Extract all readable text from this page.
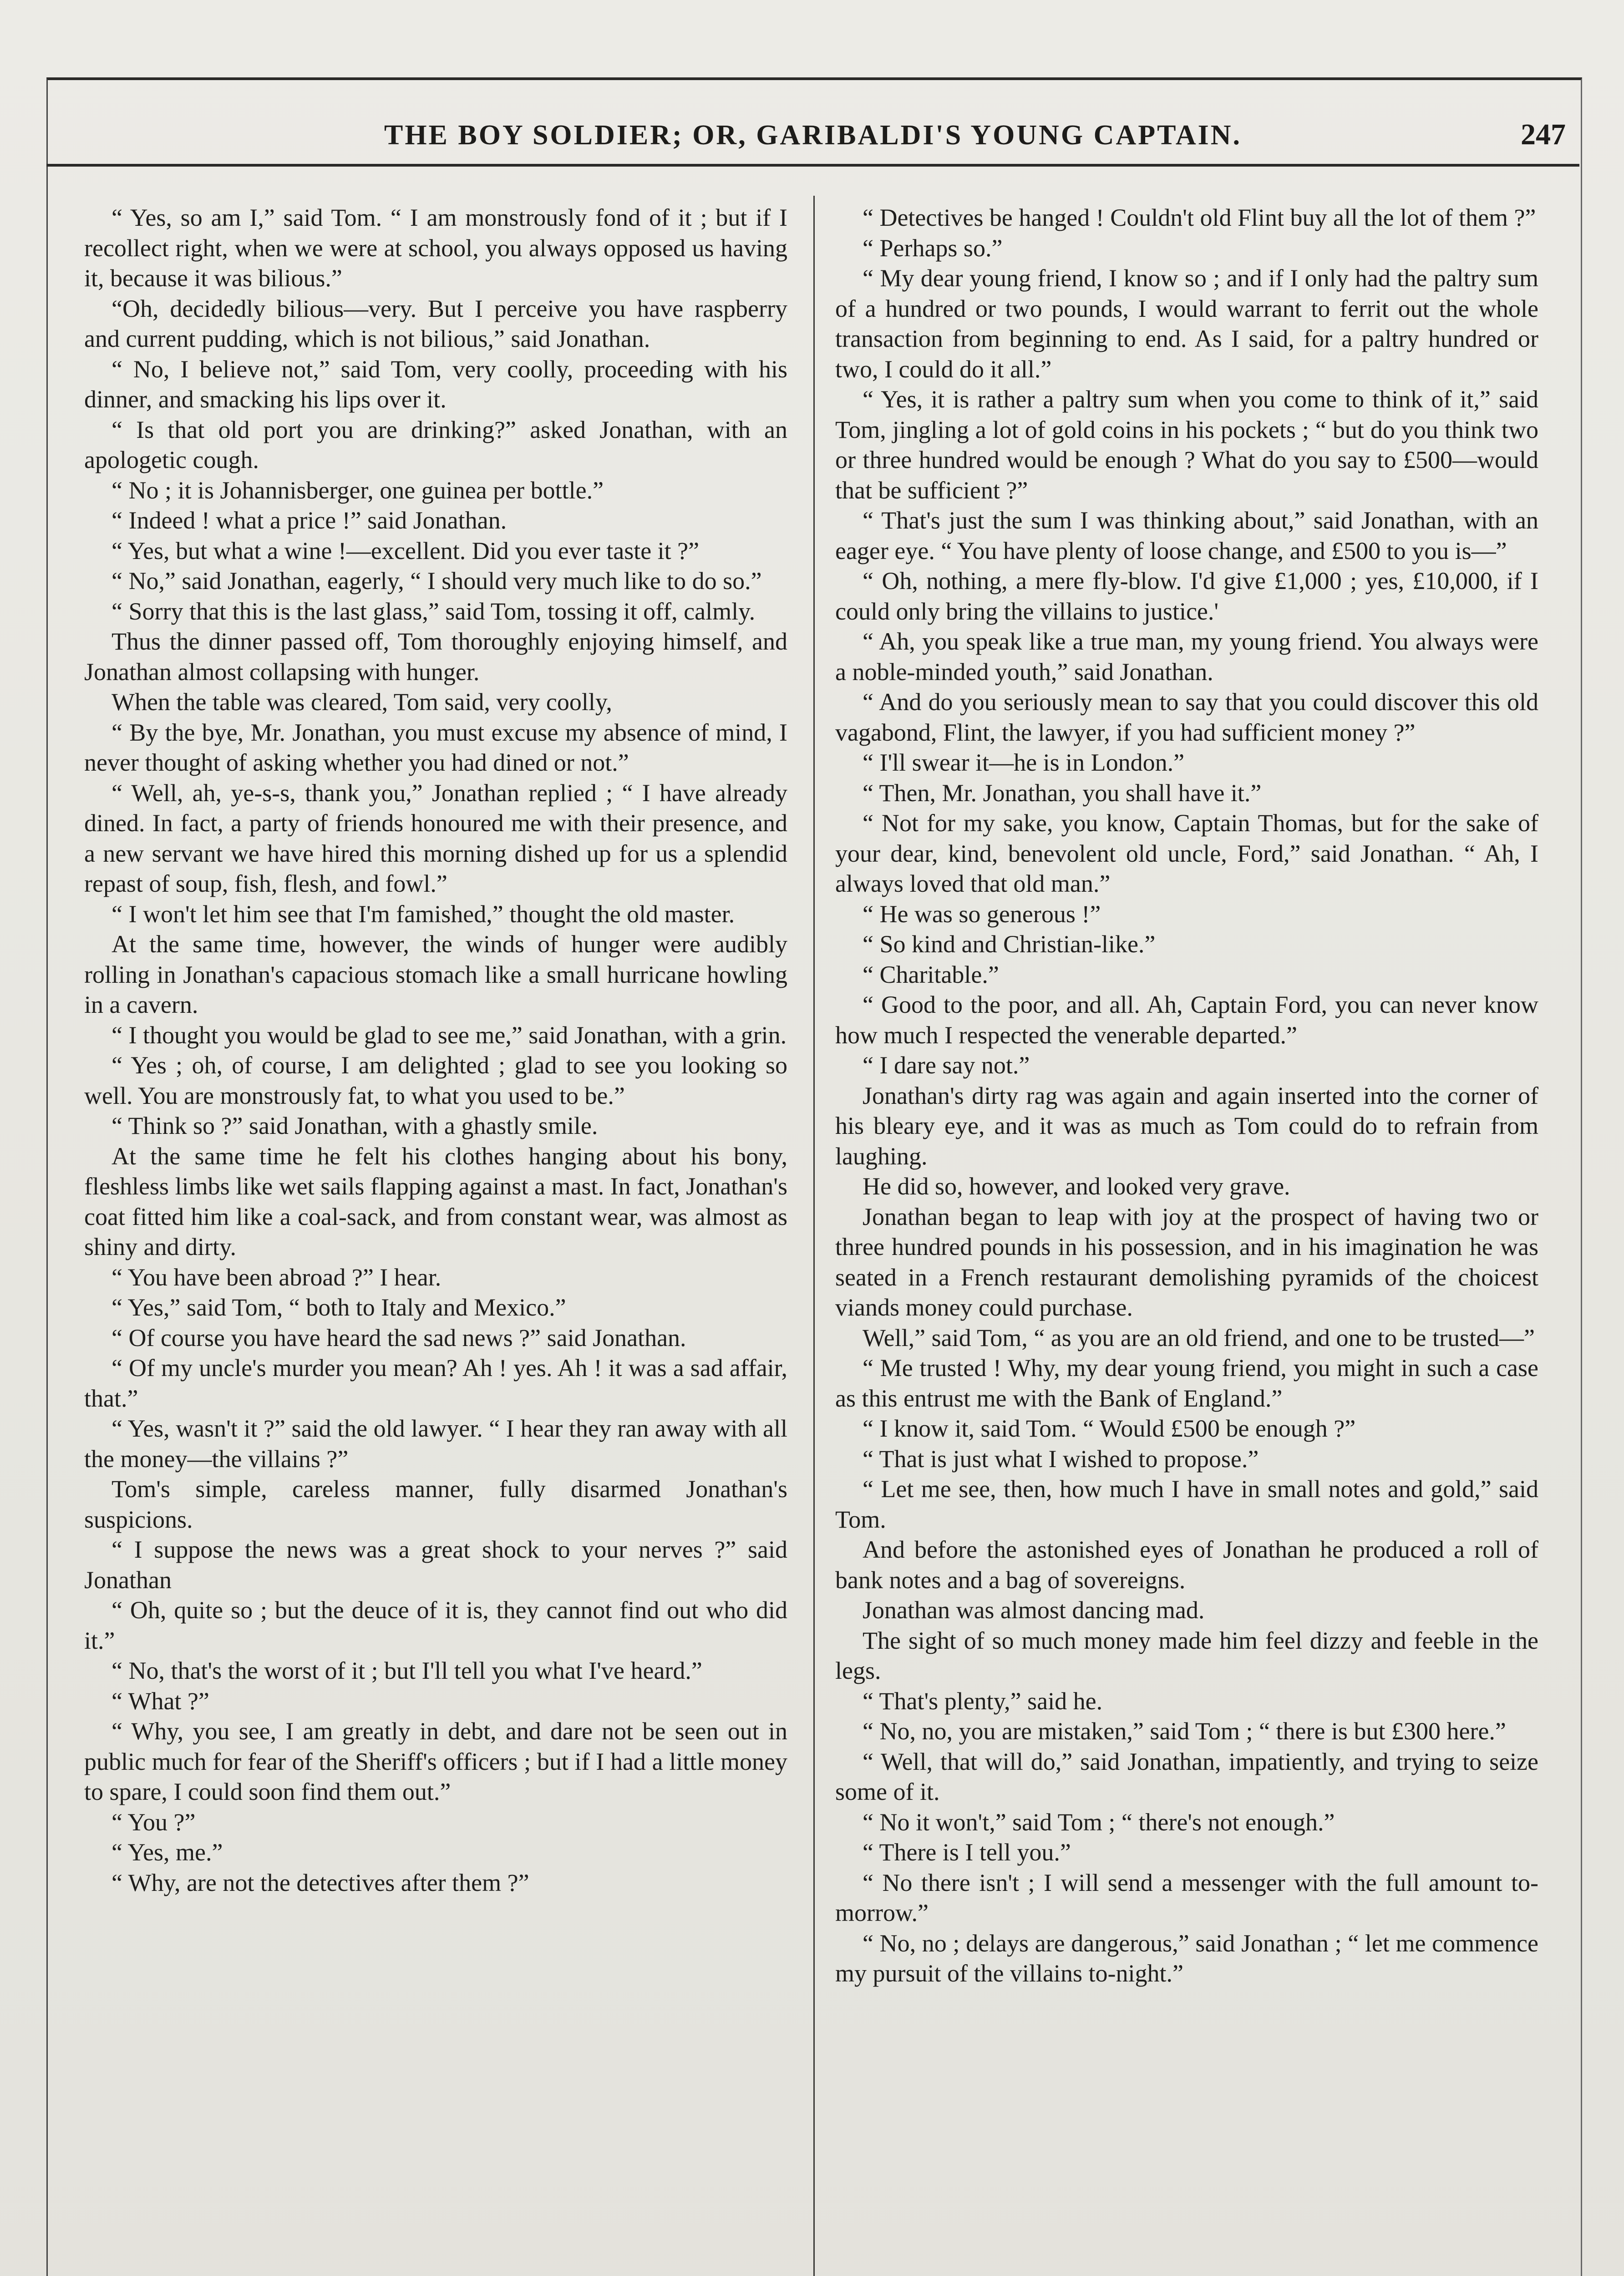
THE BOY SOLDIER; OR, GARIBALDI'S YOUNG CAPTAIN.	247

“ Yes, so am I,” said Tom. “ I am monstrously fond of it ; but if I recollect right, when we were at school, you always opposed us having it, because it was bilious.”

“Oh, decidedly bilious—very. But I perceive you have raspberry and current pudding, which is not bilious,” said Jonathan.

“ No, I believe not,” said Tom, very coolly, proceeding with his dinner, and smacking his lips over it.

“ Is that old port you are drinking?” asked Jonathan, with an apologetic cough.

“ No ; it is Johannisberger, one guinea per bottle.”

“ Indeed ! what a price !” said Jonathan.

“ Yes, but what a wine !—excellent. Did you ever taste it ?”

“ No,” said Jonathan, eagerly, “ I should very much like to do so.”

“ Sorry that this is the last glass,” said Tom, tossing it off, calmly.

Thus the dinner passed off, Tom thoroughly enjoying himself, and Jonathan almost collapsing with hunger.

When the table was cleared, Tom said, very coolly,

“ By the bye, Mr. Jonathan, you must excuse my absence of mind, I never thought of asking whether you had dined or not.”

“ Well, ah, ye-s-s, thank you,” Jonathan replied ; “ I have already dined. In fact, a party of friends honoured me with their presence, and a new servant we have hired this morning dished up for us a splendid repast of soup, fish, flesh, and fowl.”

“ I won't let him see that I'm famished,” thought the old master.

At the same time, however, the winds of hunger were audibly rolling in Jonathan's capacious stomach like a small hurricane howling in a cavern.

“ I thought you would be glad to see me,” said Jonathan, with a grin.

“ Yes ; oh, of course, I am delighted ; glad to see you looking so well. You are monstrously fat, to what you used to be.”

“ Think so ?” said Jonathan, with a ghastly smile.

At the same time he felt his clothes hanging about his bony, fleshless limbs like wet sails flapping against a mast. In fact, Jonathan's coat fitted him like a coal-sack, and from constant wear, was almost as shiny and dirty.

“ You have been abroad ?” I hear.

“ Yes,” said Tom, “ both to Italy and Mexico.”

“ Of course you have heard the sad news ?” said Jonathan.

“ Of my uncle's murder you mean? Ah ! yes. Ah ! it was a sad affair, that.”

“ Yes, wasn't it ?” said the old lawyer. “ I hear they ran away with all the money—the villains ?”

Tom's simple, careless manner, fully disarmed Jonathan's suspicions.

“ I suppose the news was a great shock to your nerves ?” said Jonathan

“ Oh, quite so ; but the deuce of it is, they cannot find out who did it.”

“ No, that's the worst of it ; but I'll tell you what I've heard.”

“ What ?”

“ Why, you see, I am greatly in debt, and dare not be seen out in public much for fear of the Sheriff's officers ; but if I had a little money to spare, I could soon find them out.”

“ You ?”

“ Yes, me.”

“ Why, are not the detectives after them ?”

“ Detectives be hanged ! Couldn't old Flint buy all the lot of them ?”

“ Perhaps so.”

“ My dear young friend, I know so ; and if I only had the paltry sum of a hundred or two pounds, I would warrant to ferrit out the whole transaction from beginning to end. As I said, for a paltry hundred or two, I could do it all.”

“ Yes, it is rather a paltry sum when you come to think of it,” said Tom, jingling a lot of gold coins in his pockets ; “ but do you think two or three hundred would be enough ? What do you say to £500—would that be sufficient ?”

“ That's just the sum I was thinking about,” said Jonathan, with an eager eye. “ You have plenty of loose change, and £500 to you is—”

“ Oh, nothing, a mere fly-blow. I'd give £1,000 ; yes, £10,000, if I could only bring the villains to justice.'

“ Ah, you speak like a true man, my young friend. You always were a noble-minded youth,” said Jonathan.

“ And do you seriously mean to say that you could discover this old vagabond, Flint, the lawyer, if you had sufficient money ?”

“ I'll swear it—he is in London.”

“ Then, Mr. Jonathan, you shall have it.”

“ Not for my sake, you know, Captain Thomas, but for the sake of your dear, kind, benevolent old uncle, Ford,” said Jonathan. “ Ah, I always loved that old man.”

“ He was so generous !”

“ So kind and Christian-like.”

“ Charitable.”

“ Good to the poor, and all. Ah, Captain Ford, you can never know how much I respected the venerable departed.”

“ I dare say not.”

Jonathan's dirty rag was again and again inserted into the corner of his bleary eye, and it was as much as Tom could do to refrain from laughing.

He did so, however, and looked very grave.

Jonathan began to leap with joy at the prospect of having two or three hundred pounds in his possession, and in his imagination he was seated in a French restaurant demolishing pyramids of the choicest viands money could purchase.

Well,” said Tom, “ as you are an old friend, and one to be trusted—”

“ Me trusted ! Why, my dear young friend, you might in such a case as this entrust me with the Bank of England.”

“ I know it, said Tom. “ Would £500 be enough ?”

“ That is just what I wished to propose.”

“ Let me see, then, how much I have in small notes and gold,” said Tom.

And before the astonished eyes of Jonathan he produced a roll of bank notes and a bag of sovereigns.

Jonathan was almost dancing mad.

The sight of so much money made him feel dizzy and feeble in the legs.

“ That's plenty,” said he.

“ No, no, you are mistaken,” said Tom ; “ there is but £300 here.”

“ Well, that will do,” said Jonathan, impatiently, and trying to seize some of it.

“ No it won't,” said Tom ; “ there's not enough.”

“ There is I tell you.”

“ No there isn't ; I will send a messenger with the full amount to-morrow.”

“ No, no ; delays are dangerous,” said Jonathan ; “ let me commence my pursuit of the villains to-night.”
